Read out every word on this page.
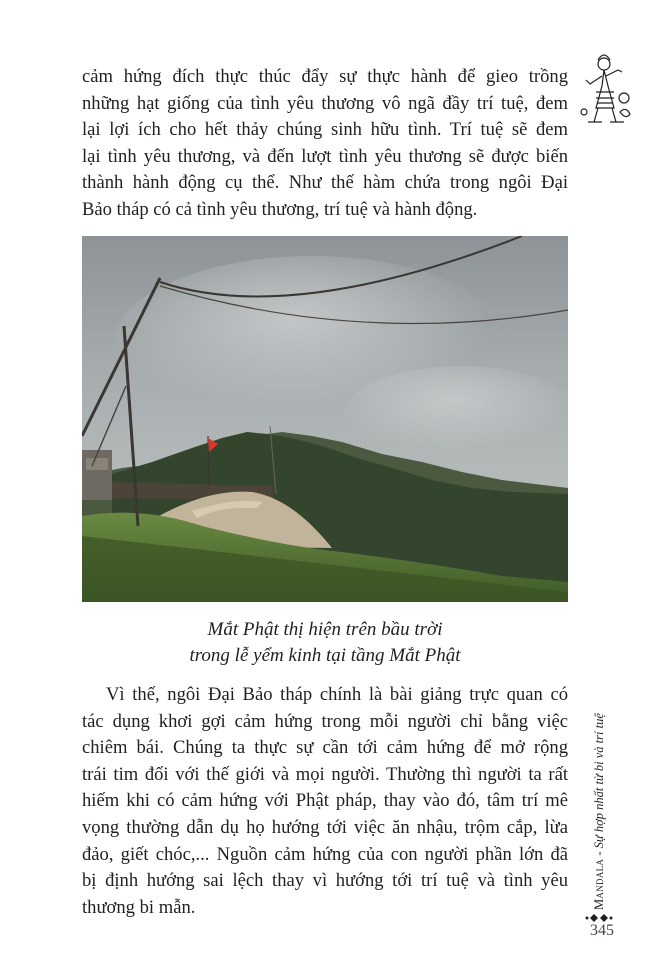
cảm hứng đích thực thúc đẩy sự thực hành để gieo trồng
những hạt giống của tình yêu thương vô ngã đầy trí tuệ, đem
lại lợi ích cho hết thảy chúng sinh hữu tình. Trí tuệ sẽ đem
lại tình yêu thương, và đến lượt tình yêu thương sẽ được biến
thành hành động cụ thể. Như thế hàm chứa trong ngôi Đại
Bảo tháp có cả tình yêu thương, trí tuệ và hành động.
Mắt Phật thị hiện trên bầu trời
trong lễ yểm kinh tại tầng Mắt Phật
Vì thế, ngôi Đại Bảo tháp chính là bài giảng trực quan có
tác dụng khơi gợi cảm hứng trong mỗi người chỉ bằng việc
chiêm bái. Chúng ta thực sự cần tới cảm hứng để mở rộng
trái tim đối với thế giới và mọi người. Thường thì người ta rất
hiếm khi có cảm hứng với Phật pháp, thay vào đó, tâm trí mê
vọng thường dẫn dụ họ hướng tới việc ăn nhậu, trộm cắp, lừa
đảo, giết chóc,... Nguồn cảm hứng của con người phần lớn đã
bị định hướng sai lệch thay vì hướng tới trí tuệ và tình yêu
thương bi mẫn.	Mandala - Sự hợp nhất từ bi và trí tuệ
345
